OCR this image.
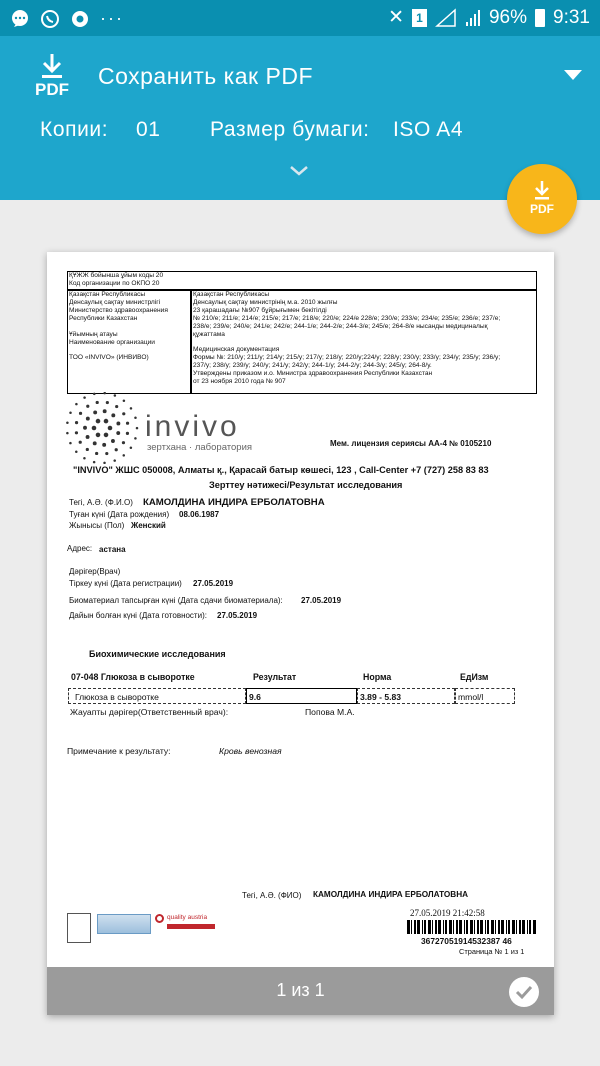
···	✕	1	96% 9:31
PDF
Сохранить как PDF
Копии: 01 Размер бумаги: ISO A4
PDF
ҚҰЖЖ бойынша ұйым коды 20
Код организации по ОКПО 20
Қазақстан Республикасы
Денсаулық сақтау министрлігі
Министерство здравоохранения
Республики Казахстан
Ұйымның атауы
Наименование организации
ТОО «INVIVO» (ИНВИВО)
Қазақстан Республикасы
Денсаулық сақтау министрінің м.а. 2010 жылғы
23 қарашадағы №907 бұйрығымен бекітілді
№ 210/е; 211/е; 214/е; 215/е; 217/е; 218/е; 220/е; 224/е 228/е; 230/е; 233/е; 234/е; 235/е; 236/е; 237/е;
238/е; 239/е; 240/е; 241/е; 242/е; 244-1/е; 244-2/е; 244-3/е; 245/е; 264-8/е нысанды медициналық
құжаттама
Медицинская документация
Формы №: 210/у; 211/у; 214/у; 215/у; 217/у; 218/у; 220/у;224/у; 228/у; 230/у; 233/у; 234/у; 235/у; 236/у;
237/у; 238/у; 239/у; 240/у; 241/у; 242/у; 244-1/у; 244-2/у; 244-3/у; 245/у; 264-8/у.
Утверждены приказом и.о. Министра здравоохранения Республики Казахстан
от 23 ноября 2010 года № 907
invivo
зертхана · лаборатория	Мем. лицензия сериясы АА-4 № 0105210
"INVIVO" ЖШС 050008, Алматы қ., Қарасай батыр көшесі, 123 , Call-Center +7 (727) 258 83 83
Зерттеу нәтижесі/Результат исследования
Тегі, А.Ә. (Ф.И.О) КАМОЛДИНА ИНДИРА ЕРБОЛАТОВНА
Туған күні (Дата рождения) 08.06.1987
Жынысы (Пол) Женский
Адрес: астана
Дәрігер(Врач)
Тіркеу күні (Дата регистрации) 27.05.2019
Биоматериал тапсырған күні (Дата сдачи биоматериала): 27.05.2019
Дайын болған күні (Дата готовности): 27.05.2019
Биохимические исследования
07-048 Глюкоза в сыворотке	Результат	Норма	ЕдИзм
Глюкоза в сыворотке	9.6	3.89 - 5.83	mmol/l
Жауапты дәрігер(Ответственный врач):	Попова М.А.
Примечание к результату:	Кровь венозная
Тегі, А.Ә. (ФИО) КАМОЛДИНА ИНДИРА ЕРБОЛАТОВНА
quality austria	27.05.2019 21:42:58
36727051914532387 46
Страница № 1 из 1
1 из 1
